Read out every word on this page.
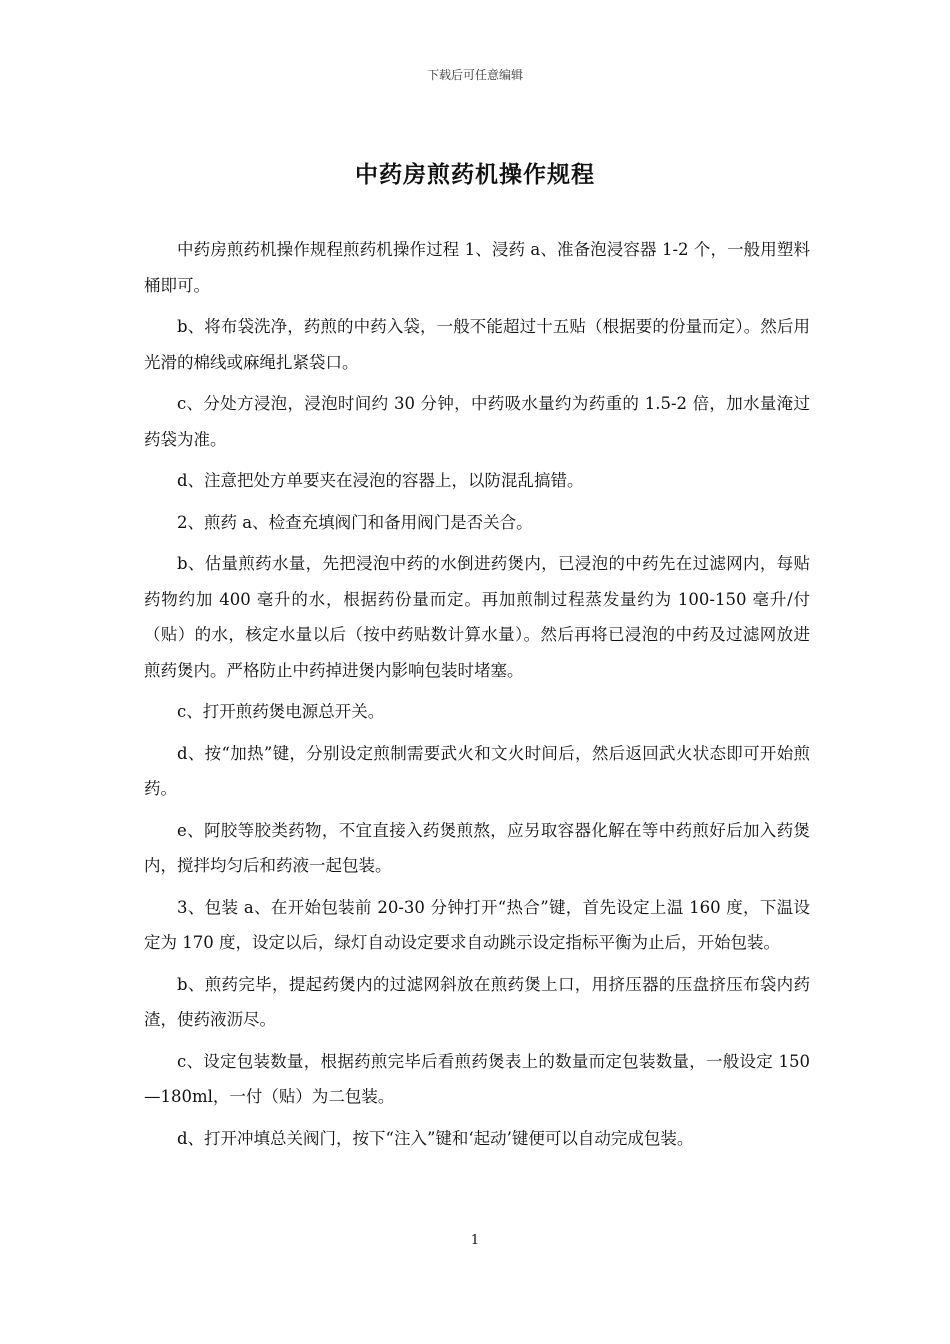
下载后可任意编辑
中药房煎药机操作规程

中药房煎药机操作规程煎药机操作过程 1、浸药 a、准备泡浸容器 1-2 个，一般用塑料桶即可。

b、将布袋洗净，药煎的中药入袋，一般不能超过十五贴（根据要的份量而定）。然后用光滑的棉线或麻绳扎紧袋口。

c、分处方浸泡，浸泡时间约 30 分钟，中药吸水量约为药重的 1.5-2 倍，加水量淹过药袋为准。

d、注意把处方单要夹在浸泡的容器上，以防混乱搞错。

2、煎药 a、检查充填阀门和备用阀门是否关合。

b、估量煎药水量，先把浸泡中药的水倒进药煲内，已浸泡的中药先在过滤网内，每贴药物约加 400 毫升的水，根据药份量而定。再加煎制过程蒸发量约为 100-150 毫升/付（贴）的水，核定水量以后（按中药贴数计算水量）。然后再将已浸泡的中药及过滤网放进煎药煲内。严格防止中药掉进煲内影响包装时堵塞。

c、打开煎药煲电源总开关。

d、按“加热”键，分别设定煎制需要武火和文火时间后，然后返回武火状态即可开始煎药。

e、阿胶等胶类药物，不宜直接入药煲煎熬，应另取容器化解在等中药煎好后加入药煲内，搅拌均匀后和药液一起包装。

3、包装 a、在开始包装前 20-30 分钟打开“热合”键，首先设定上温 160 度，下温设定为 170 度，设定以后，绿灯自动设定要求自动跳示设定指标平衡为止后，开始包装。

b、煎药完毕，提起药煲内的过滤网斜放在煎药煲上口，用挤压器的压盘挤压布袋内药渣，使药液沥尽。

c、设定包装数量，根据药煎完毕后看煎药煲表上的数量而定包装数量，一般设定 150—180ml，一付（贴）为二包装。

d、打开冲填总关阀门，按下“注入”键和‘起动’键便可以自动完成包装。

1
